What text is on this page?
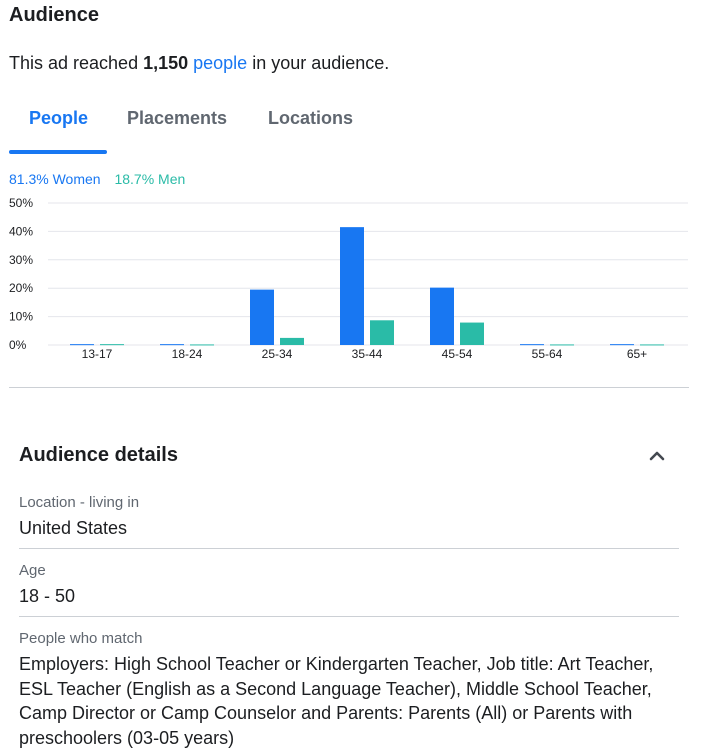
Audience
This ad reached 1,150 people in your audience.
People Placements Locations
81.3% Women 18.7% Men
0%
10%
20%
30%
40%
50%
13-17	18-24	25-34	35-44	45-54	55-64	65+
Audience details
Location - living in
United States
Age
18 - 50
People who match
Employers: High School Teacher or Kindergarten Teacher, Job title: Art Teacher, ESL Teacher (English as a Second Language Teacher), Middle School Teacher, Camp Director or Camp Counselor and Parents: Parents (All) or Parents with preschoolers (03-05 years)
